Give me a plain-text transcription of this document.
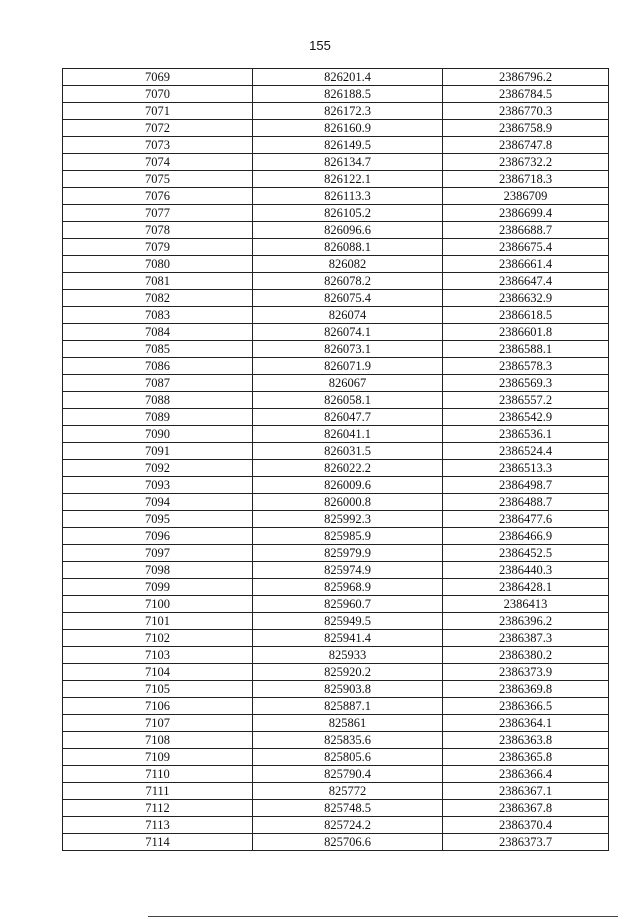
155
7069	826201.4	2386796.2
7070	826188.5	2386784.5
7071	826172.3	2386770.3
7072	826160.9	2386758.9
7073	826149.5	2386747.8
7074	826134.7	2386732.2
7075	826122.1	2386718.3
7076	826113.3	2386709
7077	826105.2	2386699.4
7078	826096.6	2386688.7
7079	826088.1	2386675.4
7080	826082	2386661.4
7081	826078.2	2386647.4
7082	826075.4	2386632.9
7083	826074	2386618.5
7084	826074.1	2386601.8
7085	826073.1	2386588.1
7086	826071.9	2386578.3
7087	826067	2386569.3
7088	826058.1	2386557.2
7089	826047.7	2386542.9
7090	826041.1	2386536.1
7091	826031.5	2386524.4
7092	826022.2	2386513.3
7093	826009.6	2386498.7
7094	826000.8	2386488.7
7095	825992.3	2386477.6
7096	825985.9	2386466.9
7097	825979.9	2386452.5
7098	825974.9	2386440.3
7099	825968.9	2386428.1
7100	825960.7	2386413
7101	825949.5	2386396.2
7102	825941.4	2386387.3
7103	825933	2386380.2
7104	825920.2	2386373.9
7105	825903.8	2386369.8
7106	825887.1	2386366.5
7107	825861	2386364.1
7108	825835.6	2386363.8
7109	825805.6	2386365.8
7110	825790.4	2386366.4
7111	825772	2386367.1
7112	825748.5	2386367.8
7113	825724.2	2386370.4
7114	825706.6	2386373.7
